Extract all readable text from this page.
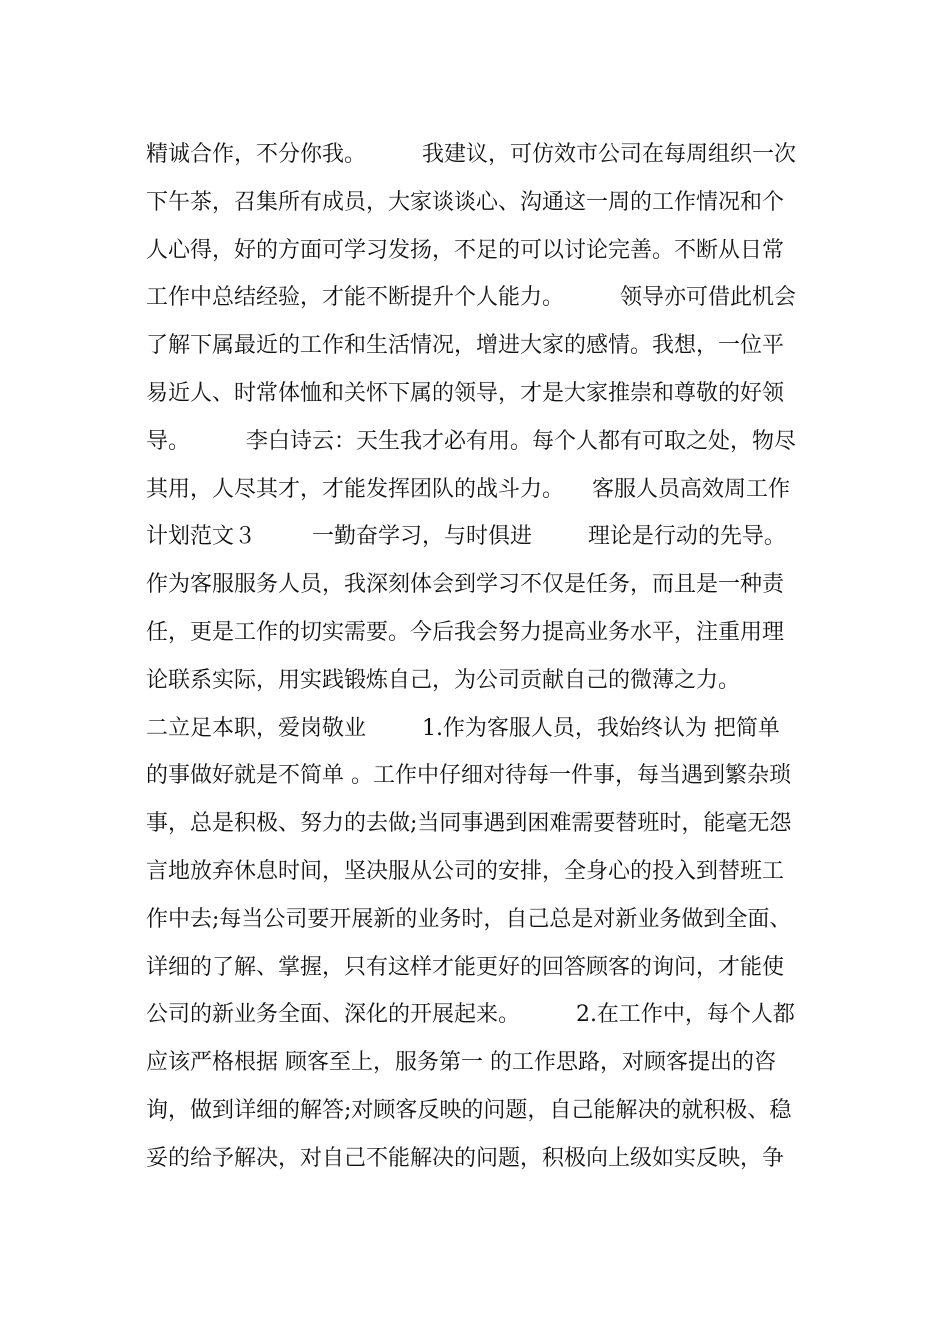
精诚合作，不分你我。        我建议，可仿效市公司在每周组织一次
下午茶，召集所有成员，大家谈谈心、沟通这一周的工作情况和个
人心得，好的方面可学习发扬，不足的可以讨论完善。不断从日常
工作中总结经验，才能不断提升个人能力。        领导亦可借此机会
了解下属最近的工作和生活情况，增进大家的感情。我想，一位平
易近人、时常体恤和关怀下属的领导，才是大家推崇和尊敬的好领
导。        李白诗云：天生我才必有用。每个人都有可取之处，物尽
其用，人尽其才，才能发挥团队的战斗力。    客服人员高效周工作
计划范文３        一勤奋学习，与时俱进        理论是行动的先导。
作为客服服务人员，我深刻体会到学习不仅是任务，而且是一种责
任，更是工作的切实需要。今后我会努力提高业务水平，注重用理
论联系实际，用实践锻炼自己，为公司贡献自己的微薄之力。
二立足本职，爱岗敬业        1.作为客服人员，我始终认为 把简单
的事做好就是不简单 。工作中仔细对待每一件事，每当遇到繁杂琐
事，总是积极、努力的去做;当同事遇到困难需要替班时，能毫无怨
言地放弃休息时间，坚决服从公司的安排，全身心的投入到替班工
作中去;每当公司要开展新的业务时，自己总是对新业务做到全面、
详细的了解、掌握，只有这样才能更好的回答顾客的询问，才能使
公司的新业务全面、深化的开展起来。        2.在工作中，每个人都
应该严格根据 顾客至上，服务第一 的工作思路，对顾客提出的咨
询，做到详细的解答;对顾客反映的问题，自己能解决的就积极、稳
妥的给予解决，对自己不能解决的问题，积极向上级如实反映，争
